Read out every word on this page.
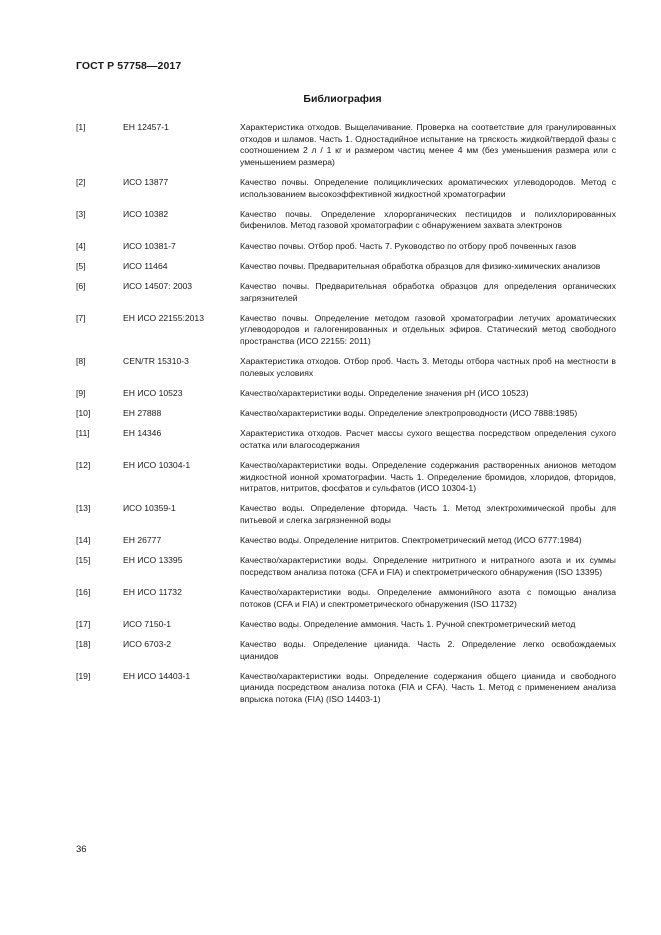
ГОСТ Р 57758—2017
Библиография
[1]	ЕН 12457-1	Характеристика отходов. Выщелачивание. Проверка на соответствие для гранулированных отходов и шламов. Часть 1. Одностадийное испытание на тряскость жидкой/твердой фазы с соотношением 2 л / 1 кг и размером частиц менее 4 мм (без уменьшения размера или с уменьшением размера)
[2]	ИСО 13877	Качество почвы. Определение полициклических ароматических углеводородов. Метод с использованием высокоэффективной жидкостной хроматографии
[3]	ИСО 10382	Качество почвы. Определение хлорорганических пестицидов и полихлорированных бифенилов. Метод газовой хроматографии с обнаружением захвата электронов
[4]	ИСО 10381-7	Качество почвы. Отбор проб. Часть 7. Руководство по отбору проб почвенных газов
[5]	ИСО 11464	Качество почвы. Предварительная обработка образцов для физико-химических анализов
[6]	ИСО 14507: 2003	Качество почвы. Предварительная обработка образцов для определения органических загрязнителей
[7]	ЕН ИСО 22155:2013	Качество почвы. Определение методом газовой хроматографии летучих ароматических углеводородов и галогенированных и отдельных эфиров. Статический метод свободного пространства (ИСО 22155: 2011)
[8]	CEN/TR 15310-3	Характеристика отходов. Отбор проб. Часть 3. Методы отбора частных проб на местности в полевых условиях
[9]	ЕН ИСО 10523	Качество/характеристики воды. Определение значения pH (ИСО 10523)
[10]	ЕН 27888	Качество/характеристики воды. Определение электропроводности (ИСО 7888:1985)
[11]	ЕН 14346	Характеристика отходов. Расчет массы сухого вещества посредством определения сухого остатка или влагосодержания
[12]	ЕН ИСО 10304-1	Качество/характеристики воды. Определение содержания растворенных анионов методом жидкостной ионной хроматографии. Часть 1. Определение бромидов, хлоридов, фторидов, нитратов, нитритов, фосфатов и сульфатов (ИСО 10304-1)
[13]	ИСО 10359-1	Качество воды. Определение фторида. Часть 1. Метод электрохимической пробы для питьевой и слегка загрязненной воды
[14]	ЕН 26777	Качество воды. Определение нитритов. Спектрометрический метод (ИСО 6777:1984)
[15]	ЕН ИСО 13395	Качество/характеристики воды. Определение нитритного и нитратного азота и их суммы посредством анализа потока (CFA и FIA) и спектрометрического обнаружения (ISO 13395)
[16]	ЕН ИСО 11732	Качество/характеристики воды. Определение аммонийного азота с помощью анализа потоков (CFA и FIA) и спектрометрического обнаружения (ISO 11732)
[17]	ИСО 7150-1	Качество воды. Определение аммония. Часть 1. Ручной спектрометрический метод
[18]	ИСО 6703-2	Качество воды. Определение цианида. Часть 2. Определение легко освобождаемых цианидов
[19]	ЕН ИСО 14403-1	Качество/характеристики воды. Определение содержания общего цианида и свободного цианида посредством анализа потока (FIA и CFA). Часть 1. Метод с применением анализа впрыска потока (FIA) (ISO 14403-1)
36
